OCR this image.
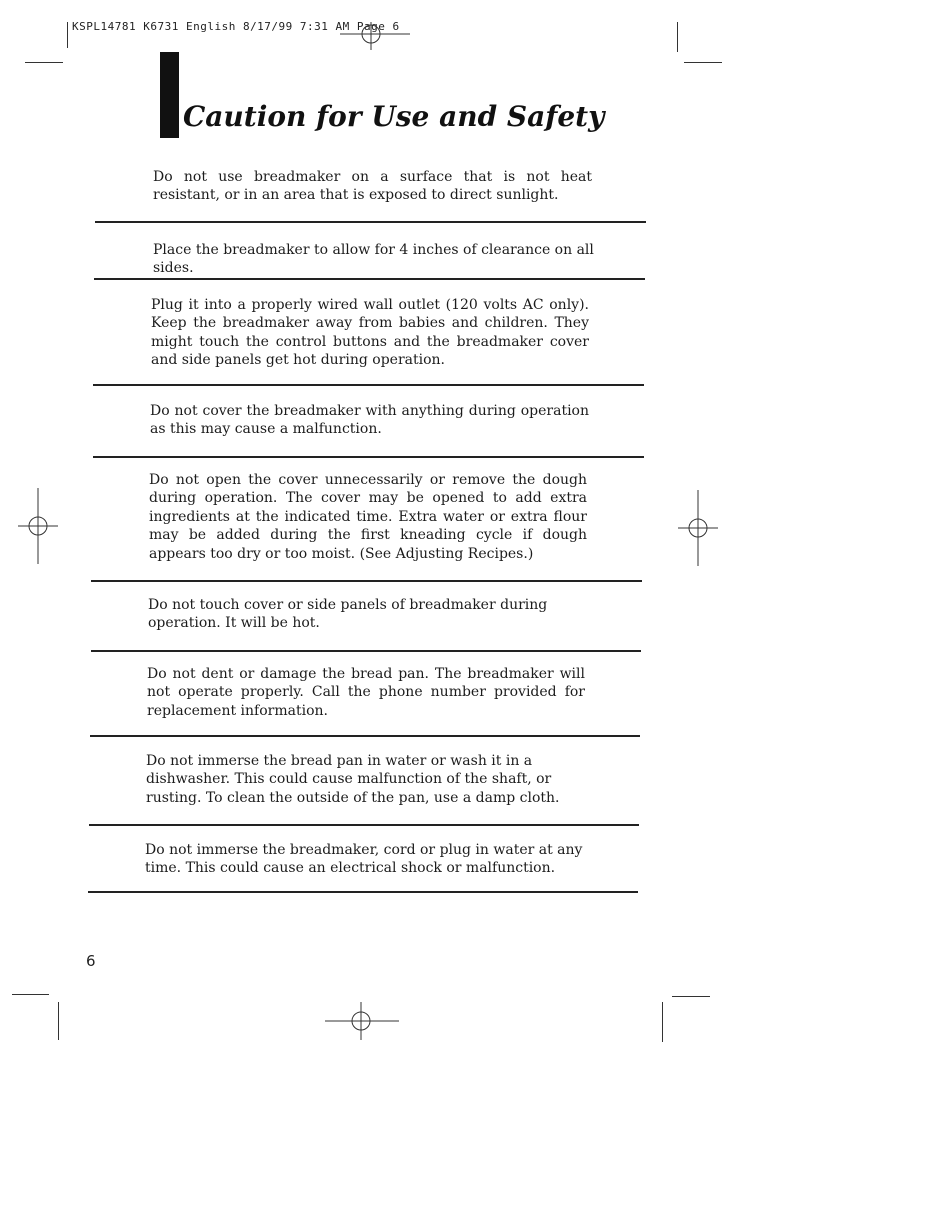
KSPL14781 K6731 English 8/17/99 7:31 AM Page 6
Caution for Use and Safety
Do not use breadmaker on a surface that is not heat resistant, or in an area that is exposed to direct sunlight.
Place the breadmaker to allow for 4 inches of clearance on all sides.
Plug it into a properly wired wall outlet (120 volts AC only). Keep the breadmaker away from babies and children. They might touch the control buttons and the breadmaker cover and side panels get hot during operation.
Do not cover the breadmaker with anything during operation as this may cause a malfunction.
Do not open the cover unnecessarily or remove the dough during operation. The cover may be opened to add extra ingredients at the indicated time. Extra water or extra flour may be added during the first kneading cycle if dough appears too dry or too moist. (See Adjusting Recipes.)
Do not touch cover or side panels of breadmaker during operation. It will be hot.
Do not dent or damage the bread pan. The breadmaker will not operate properly. Call the phone number provided for replacement information.
Do not immerse the bread pan in water or wash it in a dishwasher. This could cause malfunction of the shaft, or rusting. To clean the outside of the pan, use a damp cloth.
Do not immerse the breadmaker, cord or plug in water at any time. This could cause an electrical shock or malfunction.
6
